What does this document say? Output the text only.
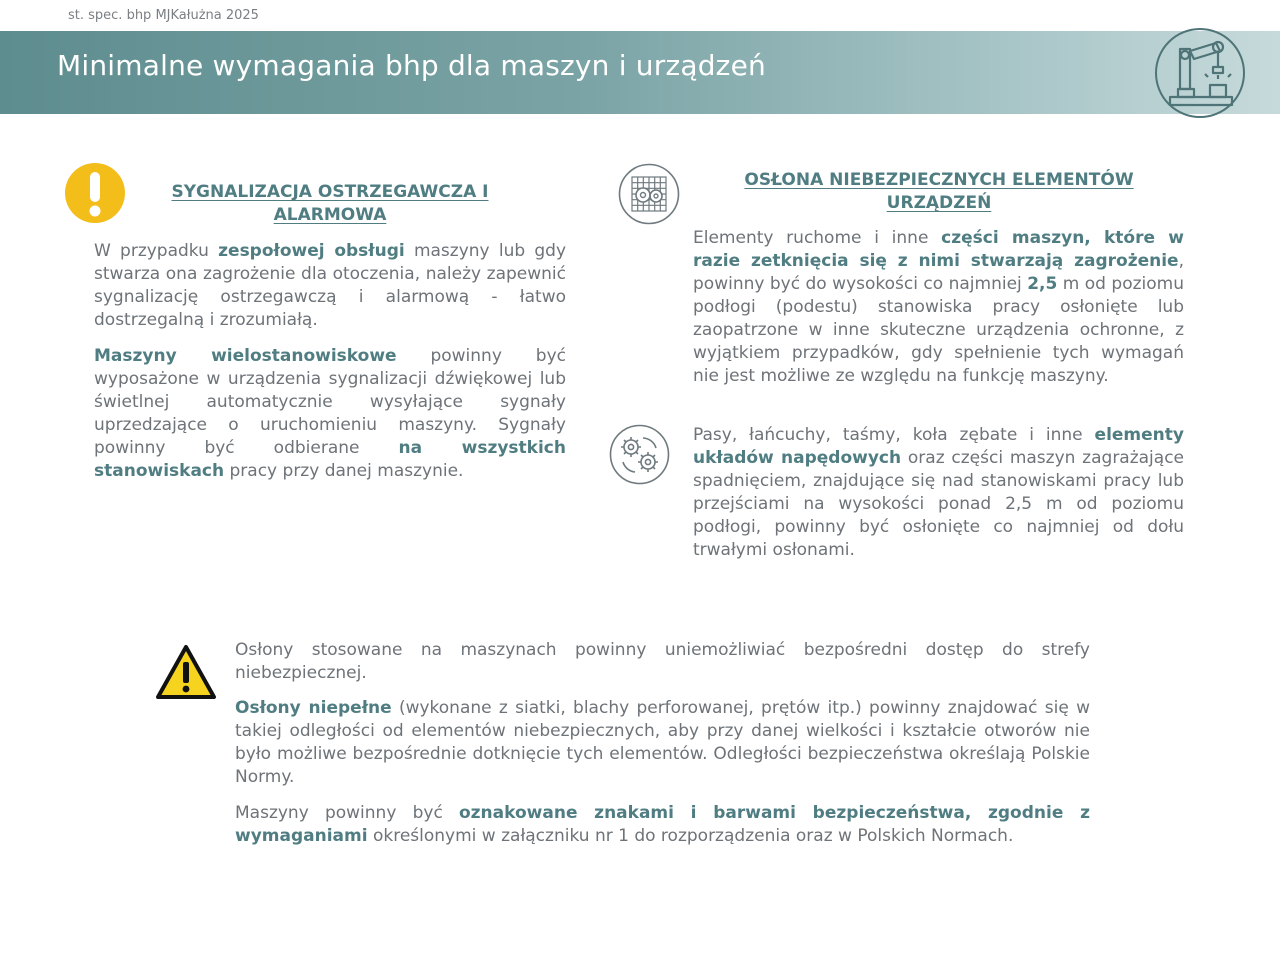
st. spec. bhp MJKałużna 2025
Minimalne wymagania bhp dla maszyn i urządzeń
SYGNALIZACJA OSTRZEGAWCZA I ALARMOWA

W przypadku zespołowej obsługi maszyny lub gdy stwarza ona zagrożenie dla otoczenia, należy zapewnić sygnalizację ostrzegawczą i alarmową - łatwo dostrzegalną i zrozumiałą.

Maszyny wielostanowiskowe powinny być wyposażone w urządzenia sygnalizacji dźwiękowej lub świetlnej automatycznie wysyłające sygnały uprzedzające o uruchomieniu maszyny. Sygnały powinny być odbierane na wszystkich stanowiskach pracy przy danej maszynie.

OSŁONA NIEBEZPIECZNYCH ELEMENTÓW URZĄDZEŃ

Elementy ruchome i inne części maszyn, które w razie zetknięcia się z nimi stwarzają zagrożenie, powinny być do wysokości co najmniej 2,5 m od poziomu podłogi (podestu) stanowiska pracy osłonięte lub zaopatrzone w inne skuteczne urządzenia ochronne, z wyjątkiem przypadków, gdy spełnienie tych wymagań nie jest możliwe ze względu na funkcję maszyny.

Pasy, łańcuchy, taśmy, koła zębate i inne elementy układów napędowych oraz części maszyn zagrażające spadnięciem, znajdujące się nad stanowiskami pracy lub przejściami na wysokości ponad 2,5 m od poziomu podłogi, powinny być osłonięte co najmniej od dołu trwałymi osłonami.

Osłony stosowane na maszynach powinny uniemożliwiać bezpośredni dostęp do strefy niebezpiecznej.

Osłony niepełne (wykonane z siatki, blachy perforowanej, prętów itp.) powinny znajdować się w takiej odległości od elementów niebezpiecznych, aby przy danej wielkości i kształcie otworów nie było możliwe bezpośrednie dotknięcie tych elementów. Odległości bezpieczeństwa określają Polskie Normy.

Maszyny powinny być oznakowane znakami i barwami bezpieczeństwa, zgodnie z wymaganiami określonymi w załączniku nr 1 do rozporządzenia oraz w Polskich Normach.
